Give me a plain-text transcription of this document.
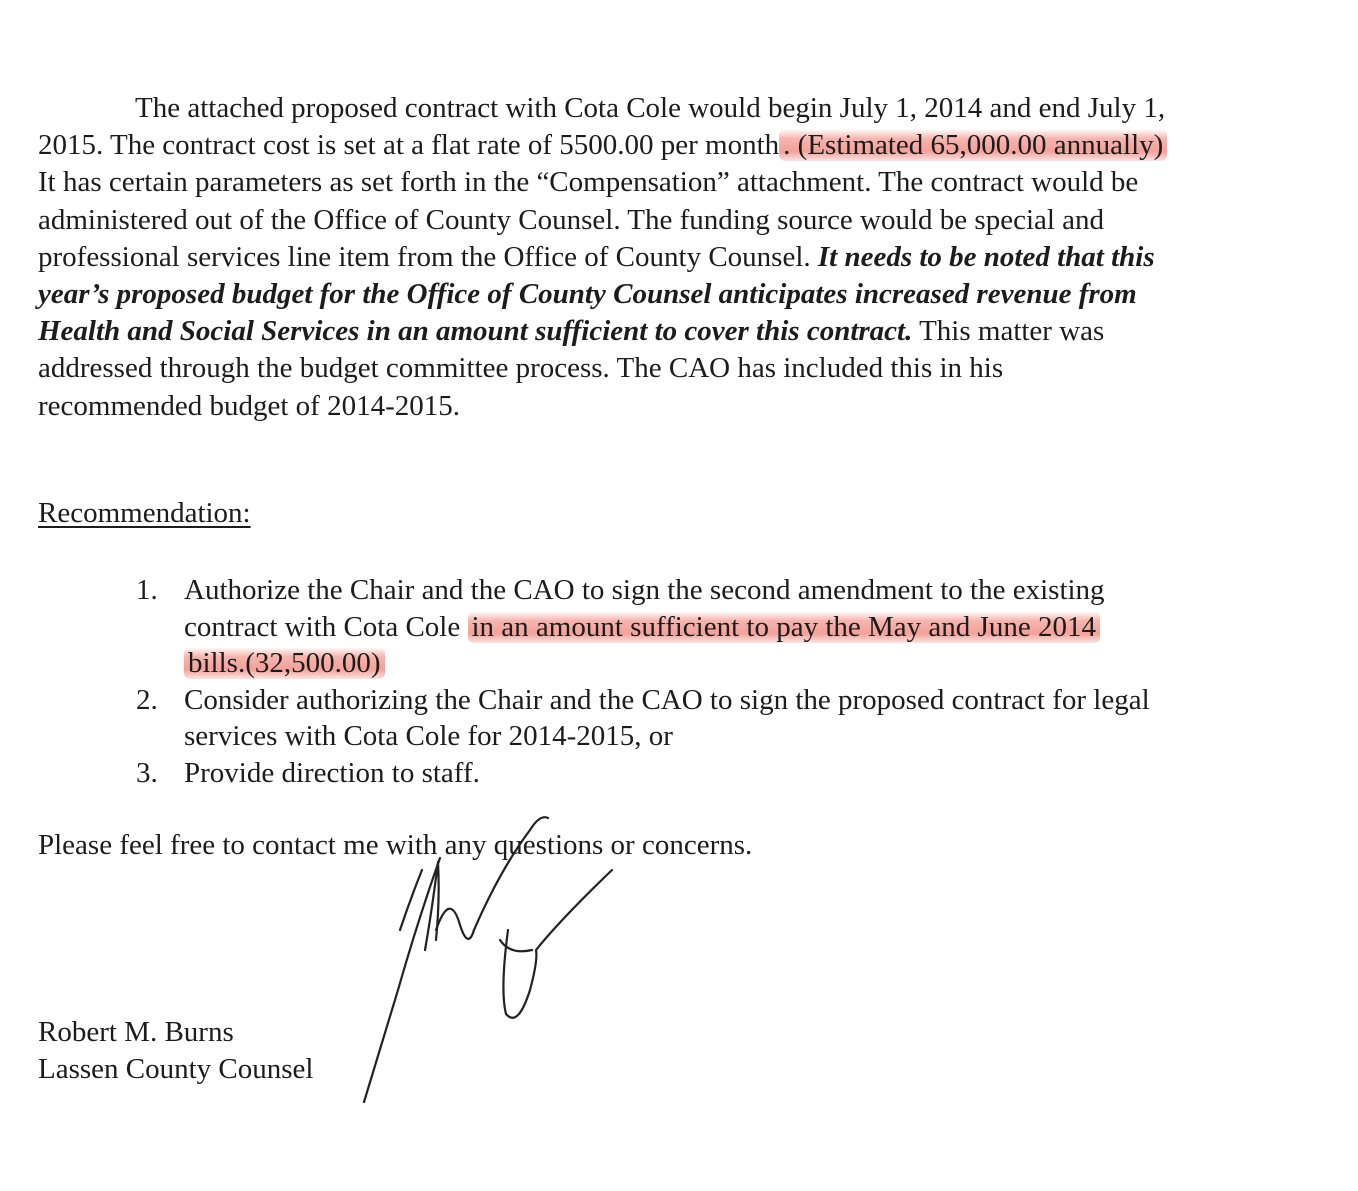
The attached proposed contract with Cota Cole would begin July 1, 2014 and end July 1,
2015. The contract cost is set at a flat rate of 5500.00 per month . (Estimated 65,000.00 annually)
It has certain parameters as set forth in the “Compensation” attachment. The contract would be
administered out of the Office of County Counsel. The funding source would be special and
professional services line item from the Office of County Counsel. It needs to be noted that this
year’s proposed budget for the Office of County Counsel anticipates increased revenue from
Health and Social Services in an amount sufficient to cover this contract. This matter was
addressed through the budget committee process. The CAO has included this in his
recommended budget of 2014-2015.
Recommendation:
1. Authorize the Chair and the CAO to sign the second amendment to the existing
contract with Cota Cole in an amount sufficient to pay the May and June 2014
bills.(32,500.00)
2. Consider authorizing the Chair and the CAO to sign the proposed contract for legal
services with Cota Cole for 2014-2015, or
3. Provide direction to staff.
Please feel free to contact me with any questions or concerns.
Robert M. Burns
Lassen County Counsel
